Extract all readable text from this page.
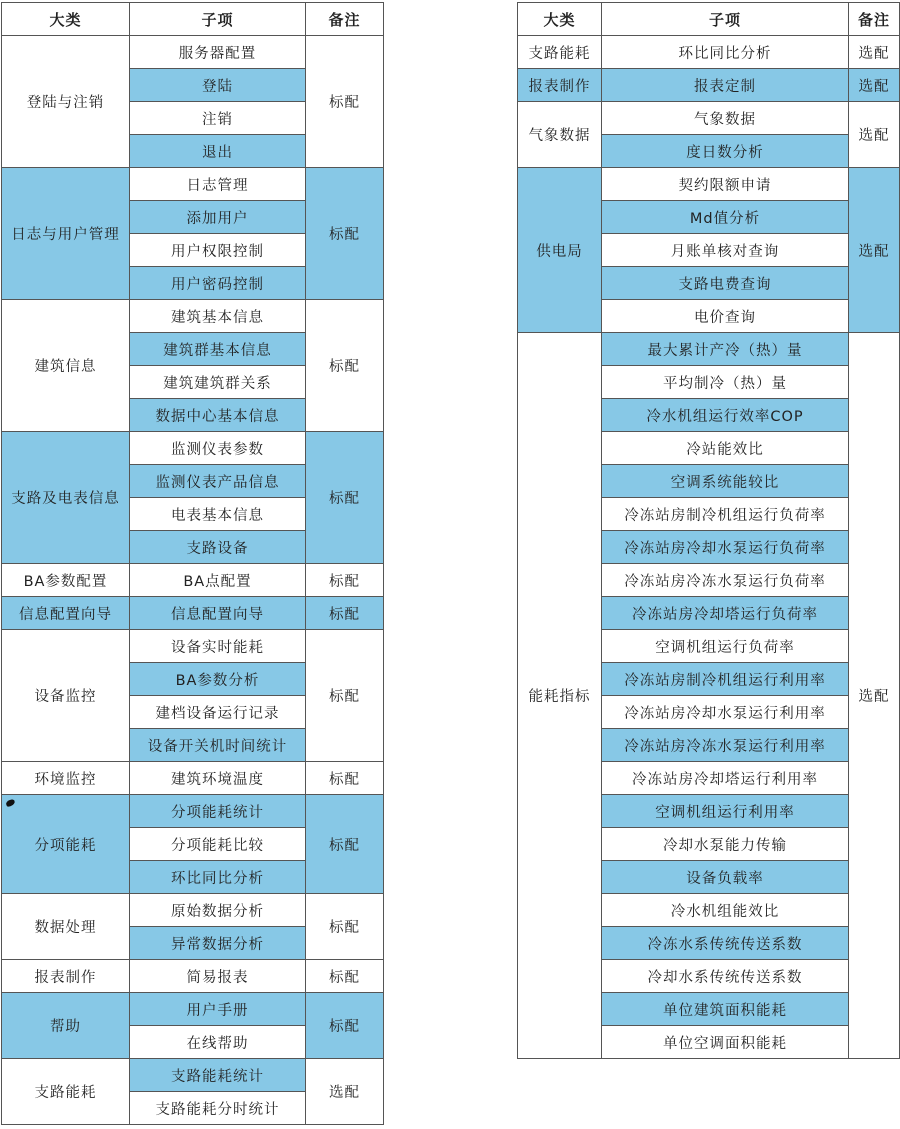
大类	子项	备注
登陆与注销	服务器配置	标配
	登陆	
	注销	
	退出	
日志与用户管理	日志管理	标配
	添加用户	
	用户权限控制	
	用户密码控制	
建筑信息	建筑基本信息	标配
	建筑群基本信息	
	建筑建筑群关系	
	数据中心基本信息	
支路及电表信息	监测仪表参数	标配
	监测仪表产品信息	
	电表基本信息	
	支路设备	
BA参数配置	BA点配置	标配
信息配置向导	信息配置向导	标配
设备监控	设备实时能耗	标配
	BA参数分析	
	建档设备运行记录	
	设备开关机时间统计	
环境监控	建筑环境温度	标配
分项能耗	分项能耗统计	标配
	分项能耗比较	
	环比同比分析	
数据处理	原始数据分析	标配
	异常数据分析	
报表制作	简易报表	标配
帮助	用户手册	标配
	在线帮助	
支路能耗	支路能耗统计	选配
	支路能耗分时统计	
大类	子项	备注
支路能耗	环比同比分析	选配
报表制作	报表定制	选配
气象数据	气象数据	选配
	度日数分析	
供电局	契约限额申请	选配
	Md值分析	
	月账单核对查询	
	支路电费查询	
	电价查询	
能耗指标	最大累计产冷（热）量	选配
	平均制冷（热）量	
	冷水机组运行效率COP	
	冷站能效比	
	空调系统能较比	
	冷冻站房制冷机组运行负荷率	
	冷冻站房冷却水泵运行负荷率	
	冷冻站房冷冻水泵运行负荷率	
	冷冻站房冷却塔运行负荷率	
	空调机组运行负荷率	
	冷冻站房制冷机组运行利用率	
	冷冻站房冷却水泵运行利用率	
	冷冻站房冷冻水泵运行利用率	
	冷冻站房冷却塔运行利用率	
	空调机组运行利用率	
	冷却水泵能力传输	
	设备负载率	
	冷水机组能效比	
	冷冻水系传统传送系数	
	冷却水系传统传送系数	
	单位建筑面积能耗	
	单位空调面积能耗	
